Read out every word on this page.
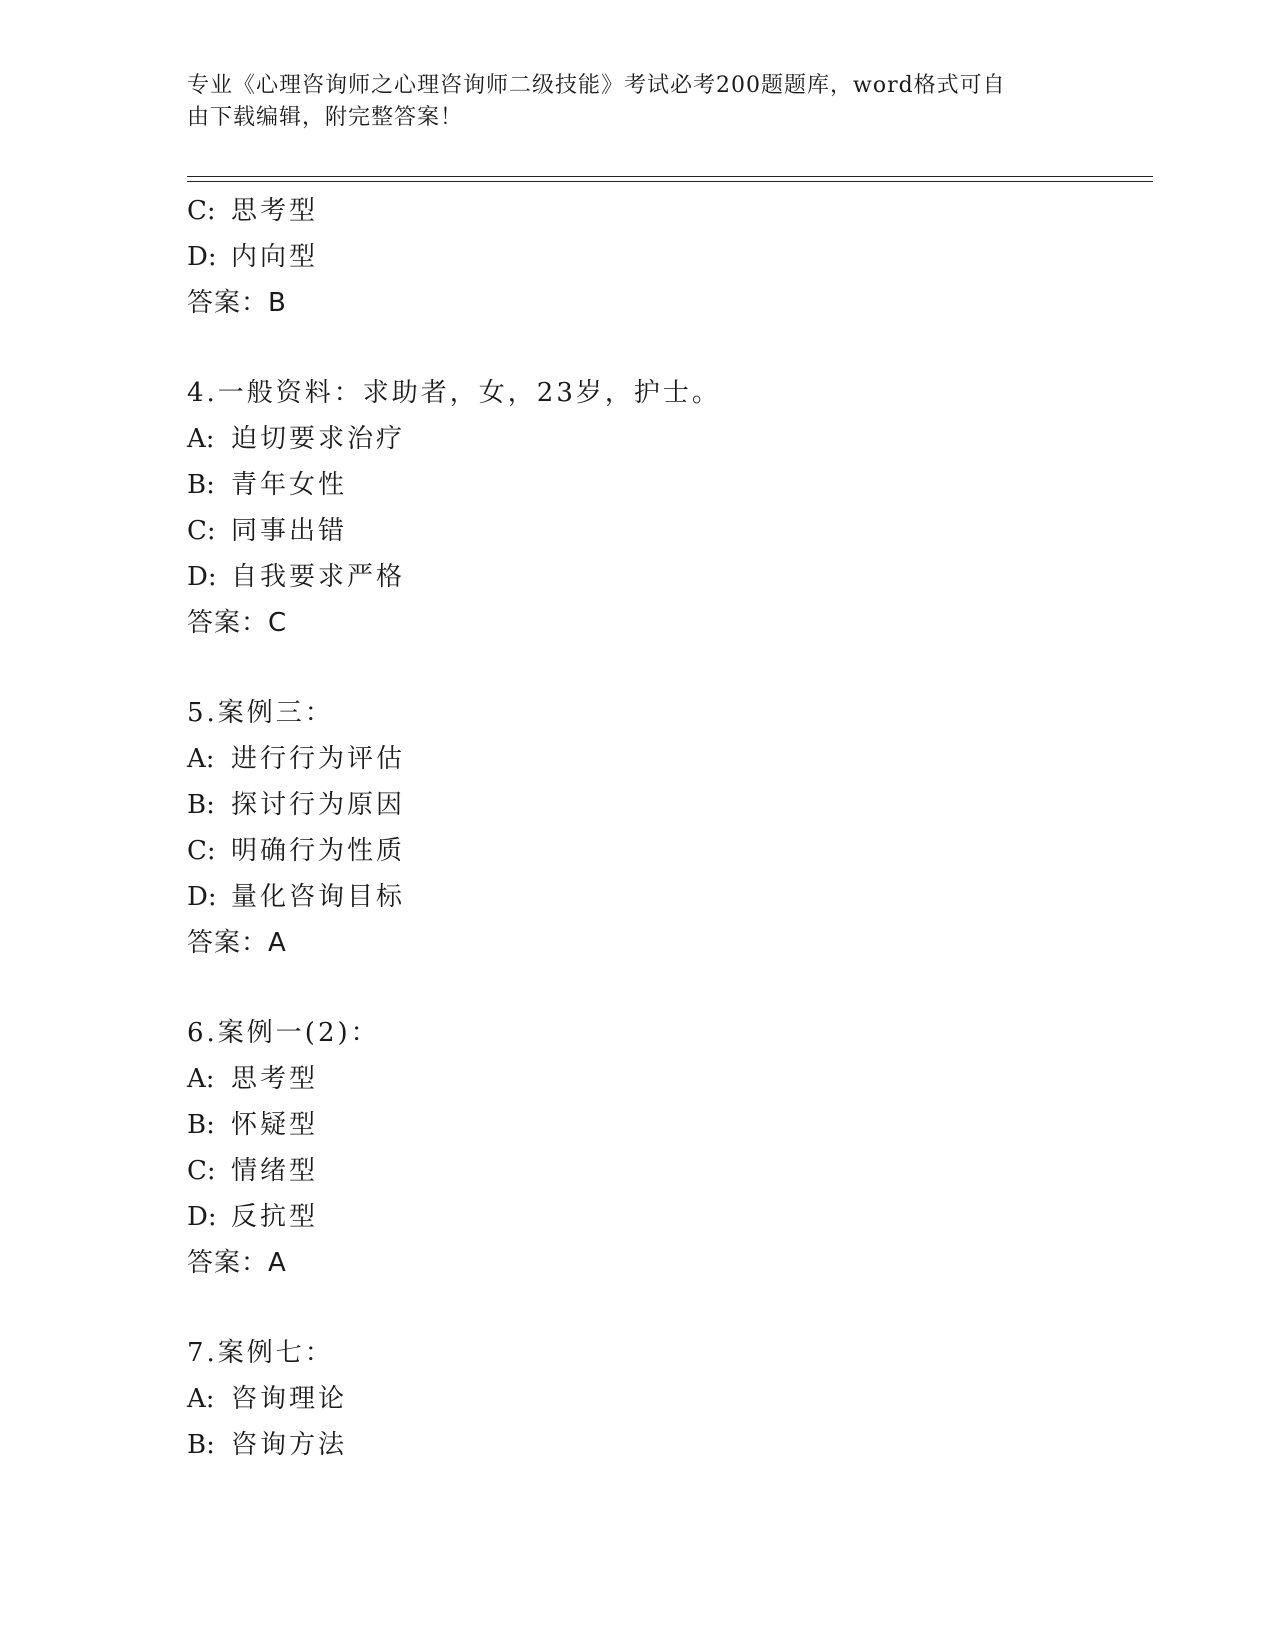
专业《心理咨询师之心理咨询师二级技能》考试必考200题题库，word格式可自
由下载编辑，附完整答案！
C: 思考型
D: 内向型
答案：B
4.一般资料：求助者，女，23岁，护士。
A: 迫切要求治疗
B: 青年女性
C: 同事出错
D: 自我要求严格
答案：C
5.案例三：
A: 进行行为评估
B: 探讨行为原因
C: 明确行为性质
D: 量化咨询目标
答案：A
6.案例一(2)：
A: 思考型
B: 怀疑型
C: 情绪型
D: 反抗型
答案：A
7.案例七：
A: 咨询理论
B: 咨询方法
